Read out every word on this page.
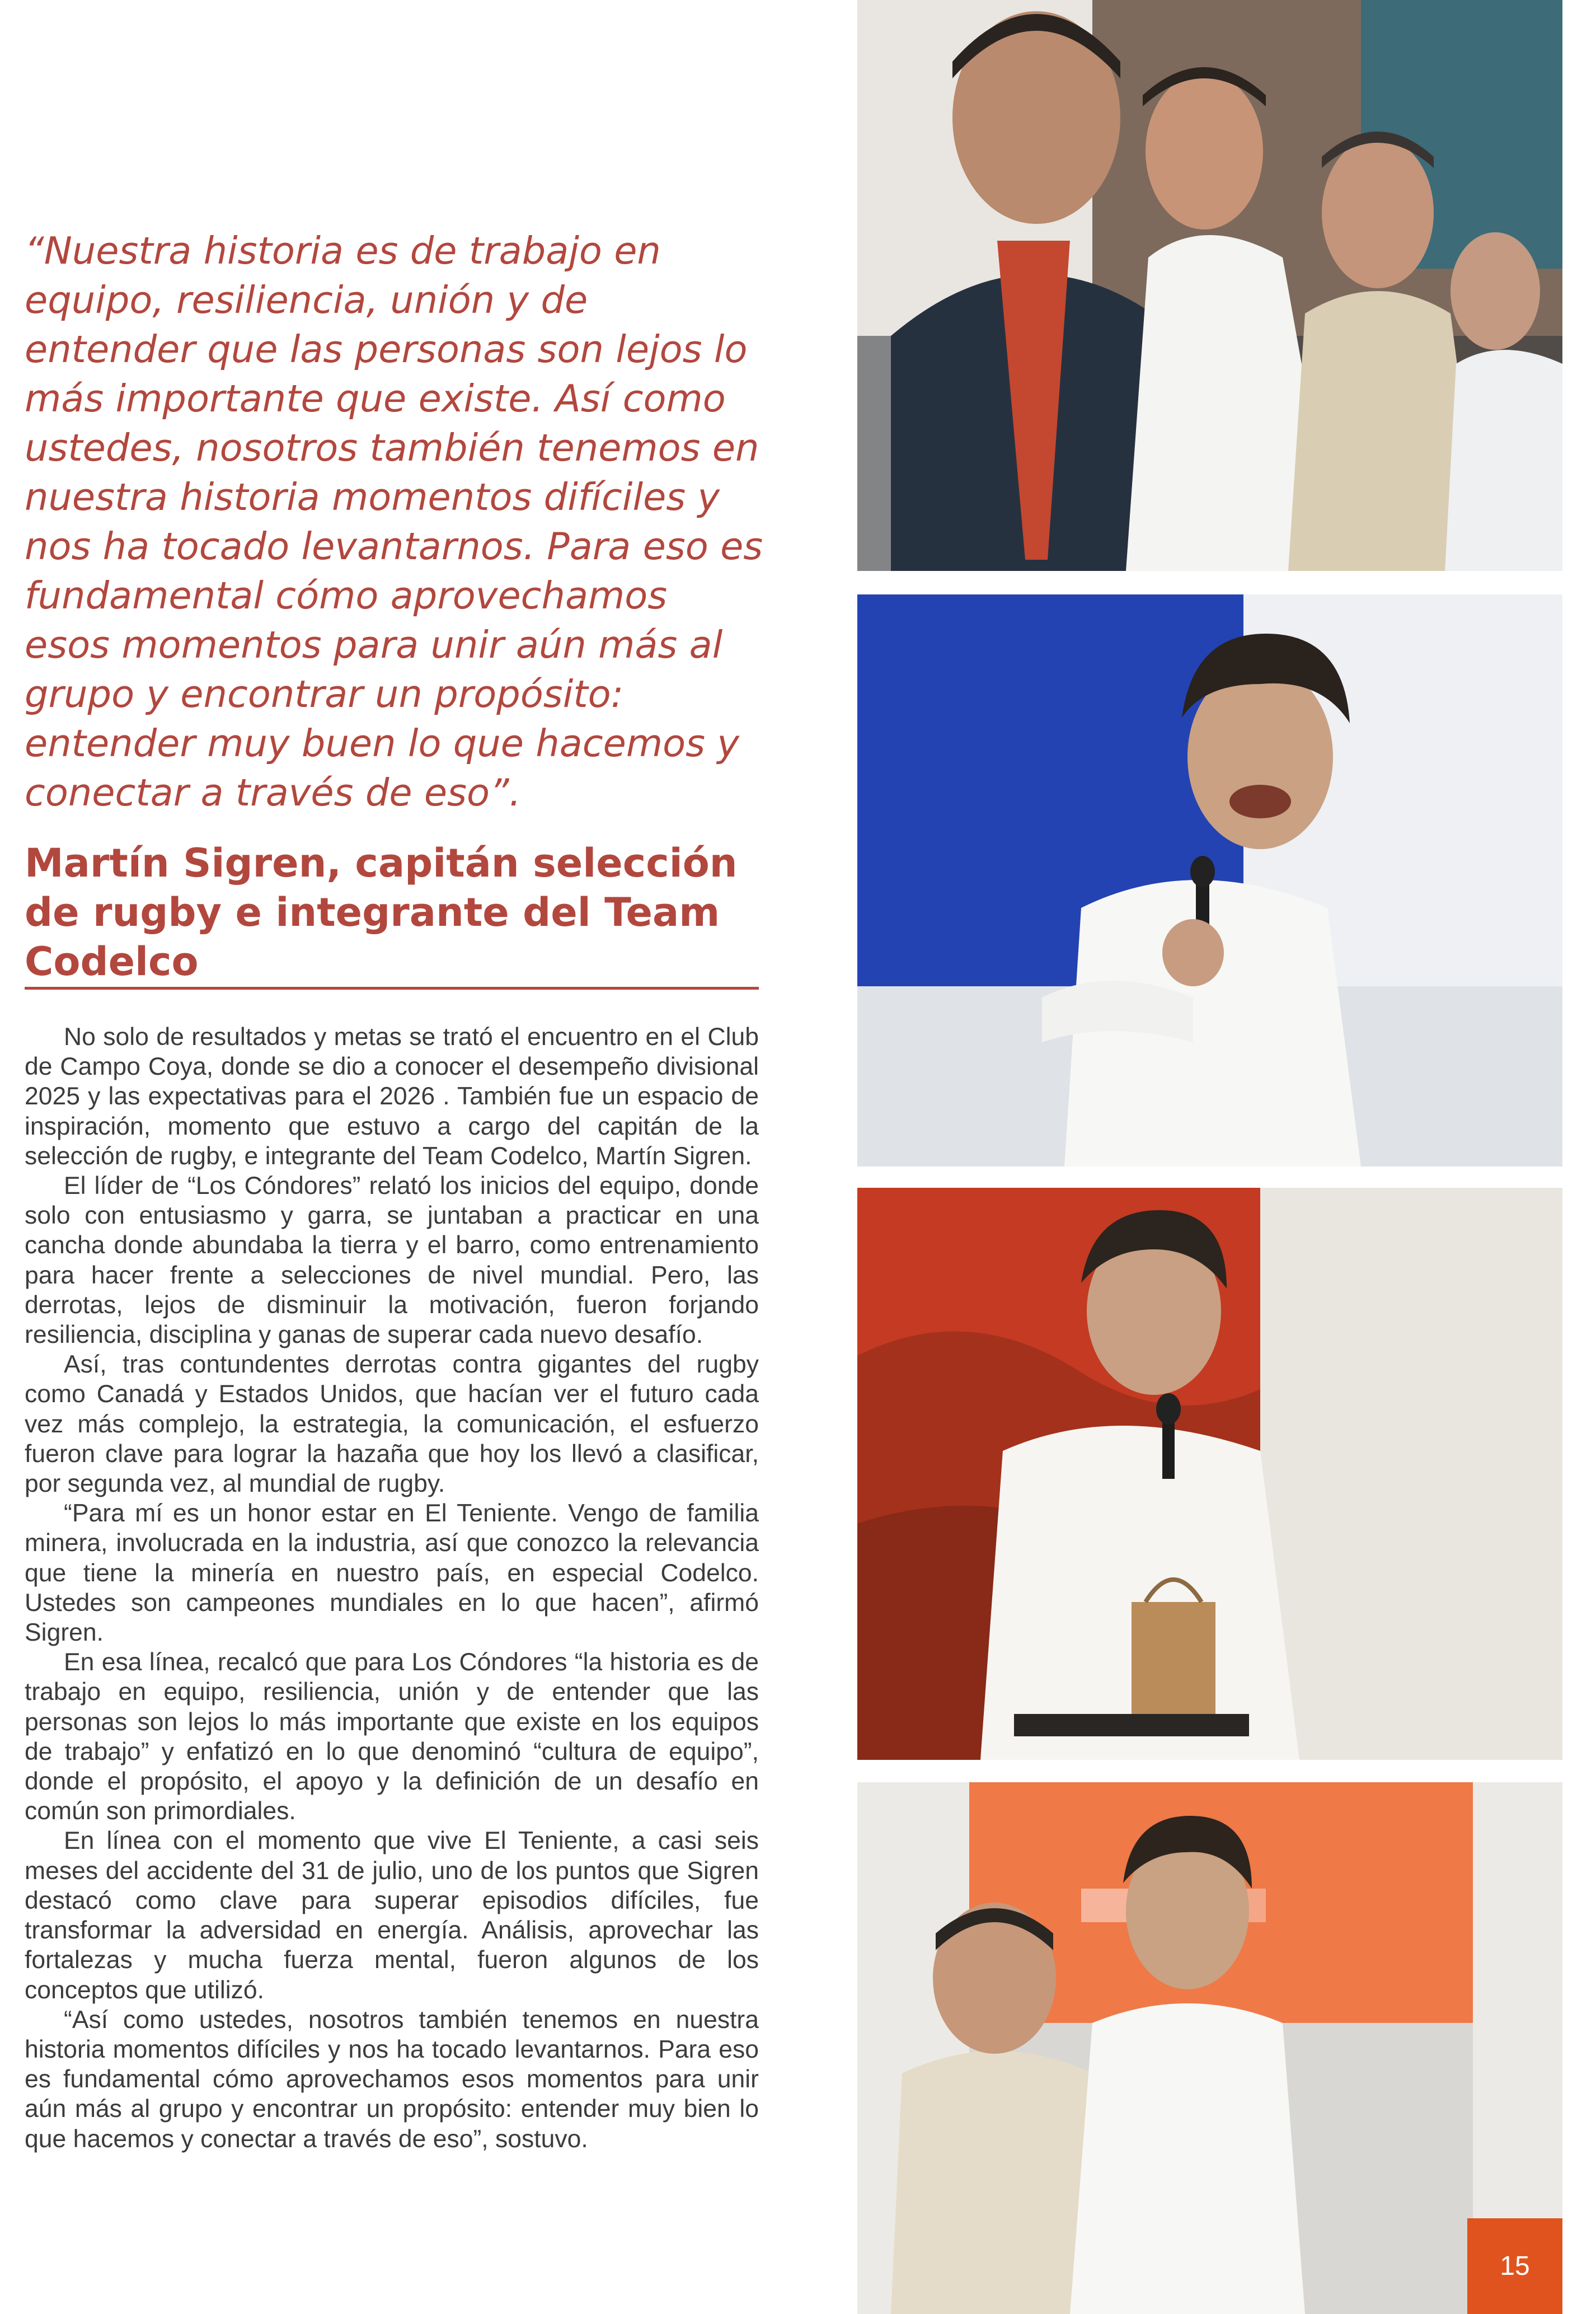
“Nuestra historia es de trabajo en equipo, resiliencia, unión y de entender que las personas son lejos lo más importante que existe. Así como ustedes, nosotros también tenemos en nuestra historia momentos difíciles y nos ha tocado levantarnos. Para eso es fundamental cómo aprovechamos esos momentos para unir aún más al grupo y encontrar un propósito: entender muy buen lo que hacemos y conectar a través de eso”.

Martín Sigren, capitán selección de rugby e integrante del Team Codelco

No solo de resultados y metas se trató el encuentro en el Club de Campo Coya, donde se dio a conocer el desempeño divisional 2025 y las expectativas para el 2026 . También fue un espacio de inspiración, momento que estuvo a cargo del capitán de la selección de rugby, e integrante del Team Codelco, Martín Sigren.

El líder de “Los Cóndores” relató los inicios del equipo, donde solo con entusiasmo y garra, se juntaban a practicar en una cancha donde abundaba la tierra y el barro, como entrenamiento para hacer frente a selecciones de nivel mundial. Pero, las derrotas, lejos de disminuir la motivación, fueron forjando resiliencia, disciplina y ganas de superar cada nuevo desafío.

Así, tras contundentes derrotas contra gigantes del rugby como Canadá y Estados Unidos, que hacían ver el futuro cada vez más complejo, la estrategia, la comunicación, el esfuerzo fueron clave para lograr la hazaña que hoy los llevó a clasificar, por segunda vez, al mundial de rugby.

“Para mí es un honor estar en El Teniente. Vengo de familia minera, involucrada en la industria, así que conozco la relevancia que tiene la minería en nuestro país, en especial Codelco. Ustedes son campeones mundiales en lo que hacen”, afirmó Sigren.

En esa línea, recalcó que para Los Cóndores “la historia es de trabajo en equipo, resiliencia, unión y de entender que las personas son lejos lo más importante que existe en los equipos de trabajo” y enfatizó en lo que denominó “cultura de equipo”, donde el propósito, el apoyo y la definición de un desafío en común son primordiales.

En línea con el momento que vive El Teniente, a casi seis meses del accidente del 31 de julio, uno de los puntos que Sigren destacó como clave para superar episodios difíciles, fue transformar la adversidad en energía. Análisis, aprovechar las fortalezas y mucha fuerza mental, fueron algunos de los conceptos que utilizó.

“Así como ustedes, nosotros también tenemos en nuestra historia momentos difíciles y nos ha tocado levantarnos. Para eso es fundamental cómo aprovechamos esos momentos para unir aún más al grupo y encontrar un propósito: entender muy bien lo que hacemos y conectar a través de eso”, sostuvo.

15
